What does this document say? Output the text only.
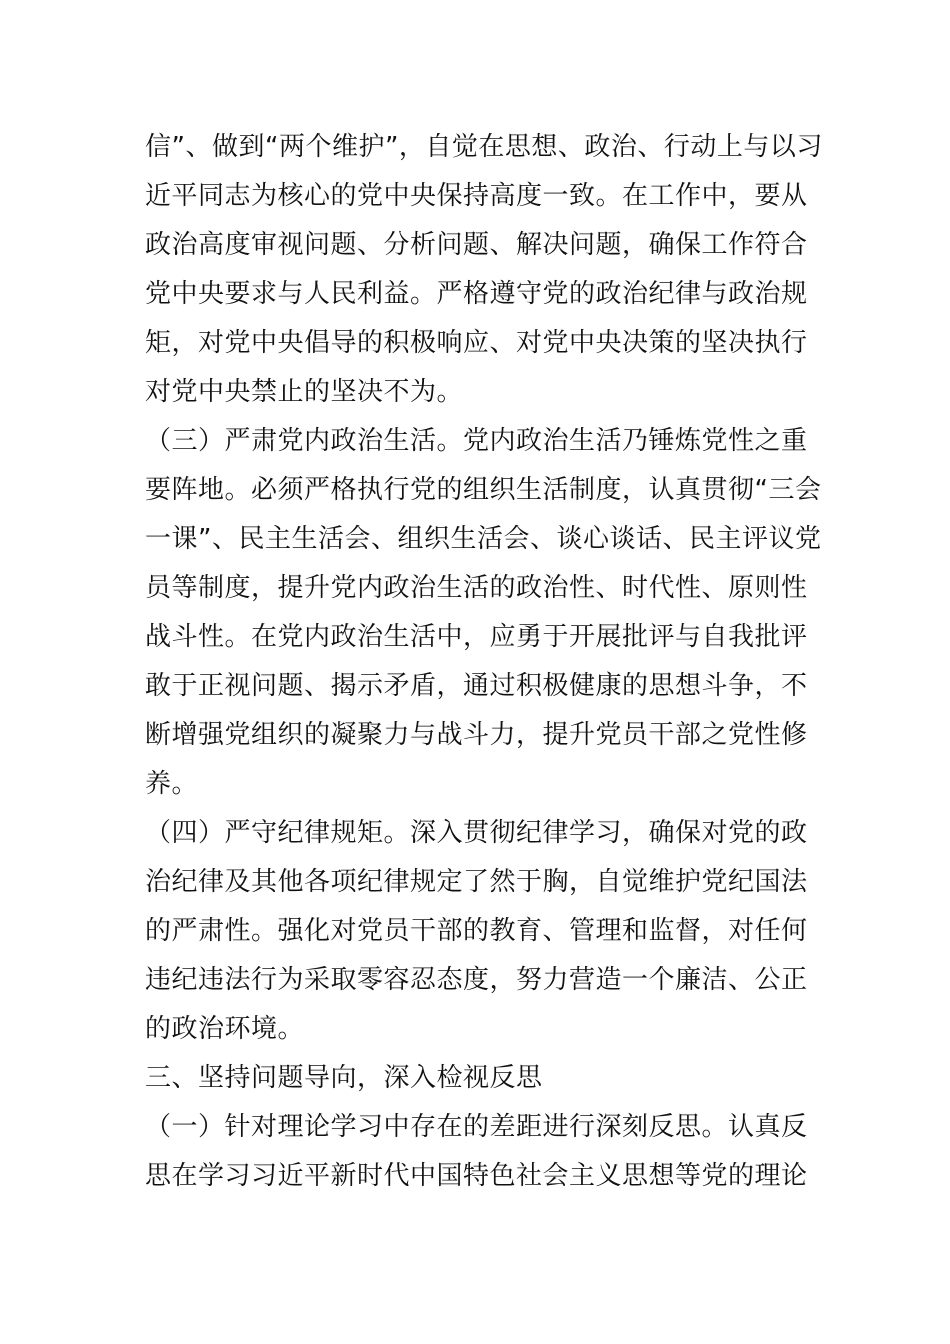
信”、做到“两个维护”，自觉在思想、政治、行动上与以习
近平同志为核心的党中央保持高度一致。在工作中，要从
政治高度审视问题、分析问题、解决问题，确保工作符合
党中央要求与人民利益。严格遵守党的政治纪律与政治规
矩，对党中央倡导的积极响应、对党中央决策的坚决执行
对党中央禁止的坚决不为。
（三）严肃党内政治生活。党内政治生活乃锤炼党性之重
要阵地。必须严格执行党的组织生活制度，认真贯彻“三会
一课”、民主生活会、组织生活会、谈心谈话、民主评议党
员等制度，提升党内政治生活的政治性、时代性、原则性
战斗性。在党内政治生活中，应勇于开展批评与自我批评
敢于正视问题、揭示矛盾，通过积极健康的思想斗争，不
断增强党组织的凝聚力与战斗力，提升党员干部之党性修
养。
（四）严守纪律规矩。深入贯彻纪律学习，确保对党的政
治纪律及其他各项纪律规定了然于胸，自觉维护党纪国法
的严肃性。强化对党员干部的教育、管理和监督，对任何
违纪违法行为采取零容忍态度，努力营造一个廉洁、公正
的政治环境。
三、坚持问题导向，深入检视反思
（一）针对理论学习中存在的差距进行深刻反思。认真反
思在学习习近平新时代中国特色社会主义思想等党的理论
